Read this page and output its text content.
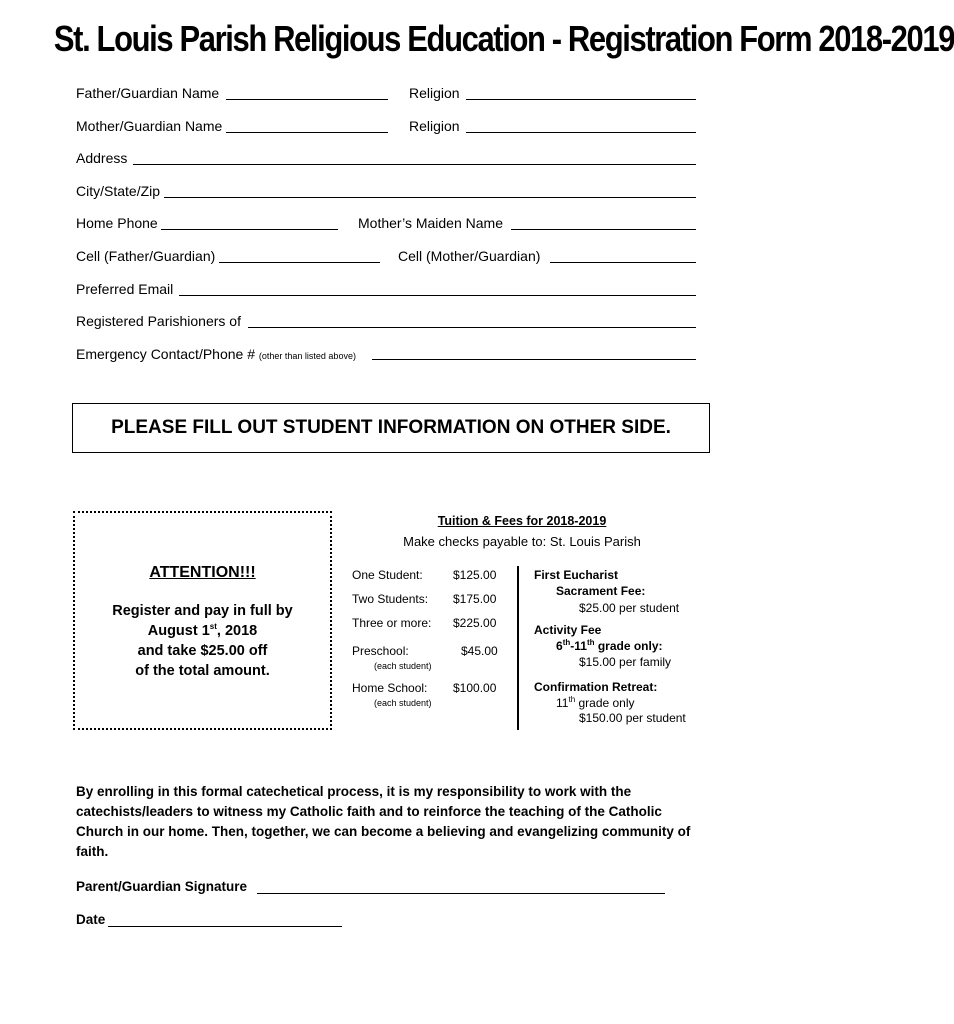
St. Louis Parish Religious Education - Registration Form 2018-2019
Father/Guardian Name	Religion
Mother/Guardian Name	Religion
Address
City/State/Zip
Home Phone	Mother’s Maiden Name
Cell (Father/Guardian)	Cell (Mother/Guardian)
Preferred Email
Registered Parishioners of
Emergency Contact/Phone # (other than listed above)
PLEASE FILL OUT STUDENT INFORMATION ON OTHER SIDE.
ATTENTION!!!
Register and pay in full by
August 1st, 2018
and take $25.00 off
of the total amount.
Tuition & Fees for 2018-2019
Make checks payable to: St. Louis Parish
One Student:	$125.00
Two Students: $175.00
Three or more: $225.00
Preschool:	$45.00
(each student)
Home School: $100.00
(each student)
First Eucharist
Sacrament Fee:
$25.00 per student
Activity Fee
6th-11th grade only:
$15.00 per family
Confirmation Retreat:
11th grade only
$150.00 per student
By enrolling in this formal catechetical process, it is my responsibility to work with the catechists/leaders to witness my Catholic faith and to reinforce the teaching of the Catholic Church in our home. Then, together, we can become a believing and evangelizing community of faith.
Parent/Guardian Signature
Date
